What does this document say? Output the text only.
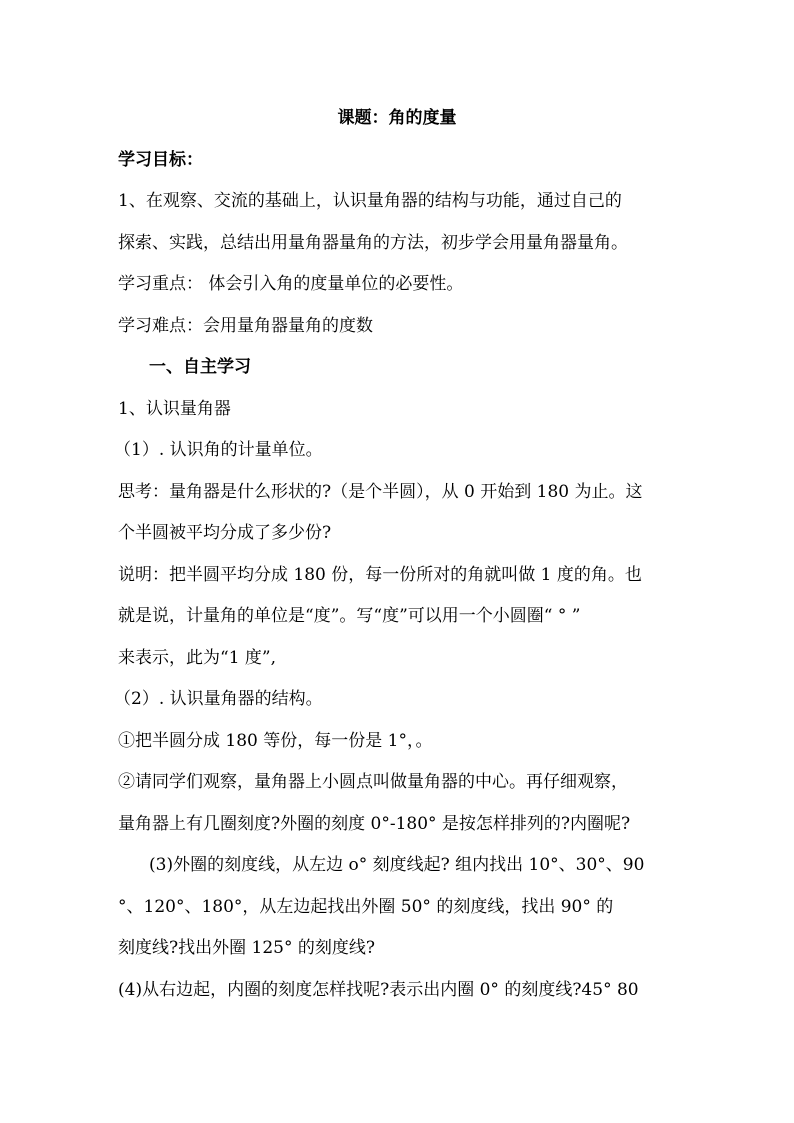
课题：角的度量
学习目标：
1、在观察、交流的基础上，认识量角器的结构与功能，通过自己的
探索、实践，总结出用量角器量角的方法，初步学会用量角器量角。
学习重点： 体会引入角的度量单位的必要性。
学习难点：会用量角器量角的度数
一、自主学习
1、认识量角器
（1）. 认识角的计量单位。
思考：量角器是什么形状的?（是个半圆），从 0 开始到 180 为止。这
个半圆被平均分成了多少份?
说明：把半圆平均分成 180 份，每一份所对的角就叫做 1 度的角。也
就是说，计量角的单位是“度”。写“度”可以用一个小圆圈“ ° ”
来表示，此为“1 度”,
（2）. 认识量角器的结构。
①把半圆分成 180 等份，每一份是 1°，。
②请同学们观察，量角器上小圆点叫做量角器的中心。再仔细观察，
量角器上有几圈刻度?外圈的刻度 0°-180° 是按怎样排列的?内圈呢?
(3)外圈的刻度线，从左边 o° 刻度线起? 组内找出 10°、30°、90
°、120°、180°，从左边起找出外圈 50° 的刻度线，找出 90° 的
刻度线?找出外圈 125° 的刻度线?
(4)从右边起，内圈的刻度怎样找呢?表示出内圈 0° 的刻度线?45° 80
